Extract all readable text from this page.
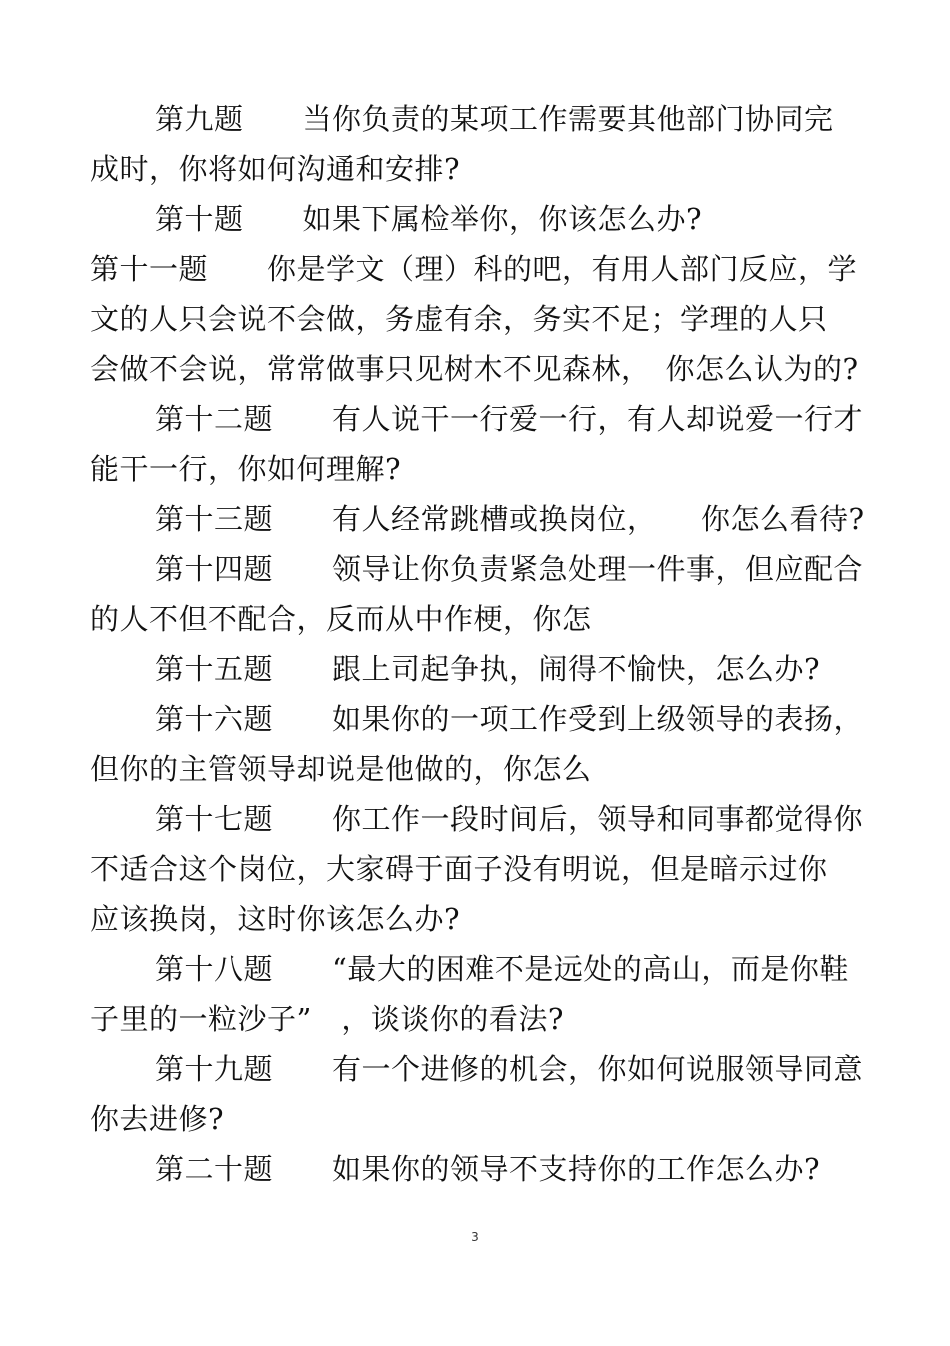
第九题　　当你负责的某项工作需要其他部门协同完
成时，你将如何沟通和安排?
第十题　　如果下属检举你，你该怎么办?
第十一题　　你是学文（理）科的吧，有用人部门反应，学
文的人只会说不会做，务虚有余，务实不足；学理的人只
会做不会说，常常做事只见树木不见森林，　你怎么认为的?
第十二题　　有人说干一行爱一行，有人却说爱一行才
能干一行，你如何理解?
第十三题　　有人经常跳槽或换岗位，　　你怎么看待?
第十四题　　领导让你负责紧急处理一件事，但应配合
的人不但不配合，反而从中作梗，你怎
第十五题　　跟上司起争执，闹得不愉快，怎么办?
第十六题　　如果你的一项工作受到上级领导的表扬，
但你的主管领导却说是他做的，你怎么
第十七题　　你工作一段时间后，领导和同事都觉得你
不适合这个岗位，大家碍于面子没有明说，但是暗示过你
应该换岗，这时你该怎么办?
第十八题　　“最大的困难不是远处的高山，而是你鞋
子里的一粒沙子”　，谈谈你的看法?
第十九题　　有一个进修的机会，你如何说服领导同意
你去进修?
第二十题　　如果你的领导不支持你的工作怎么办?
3
